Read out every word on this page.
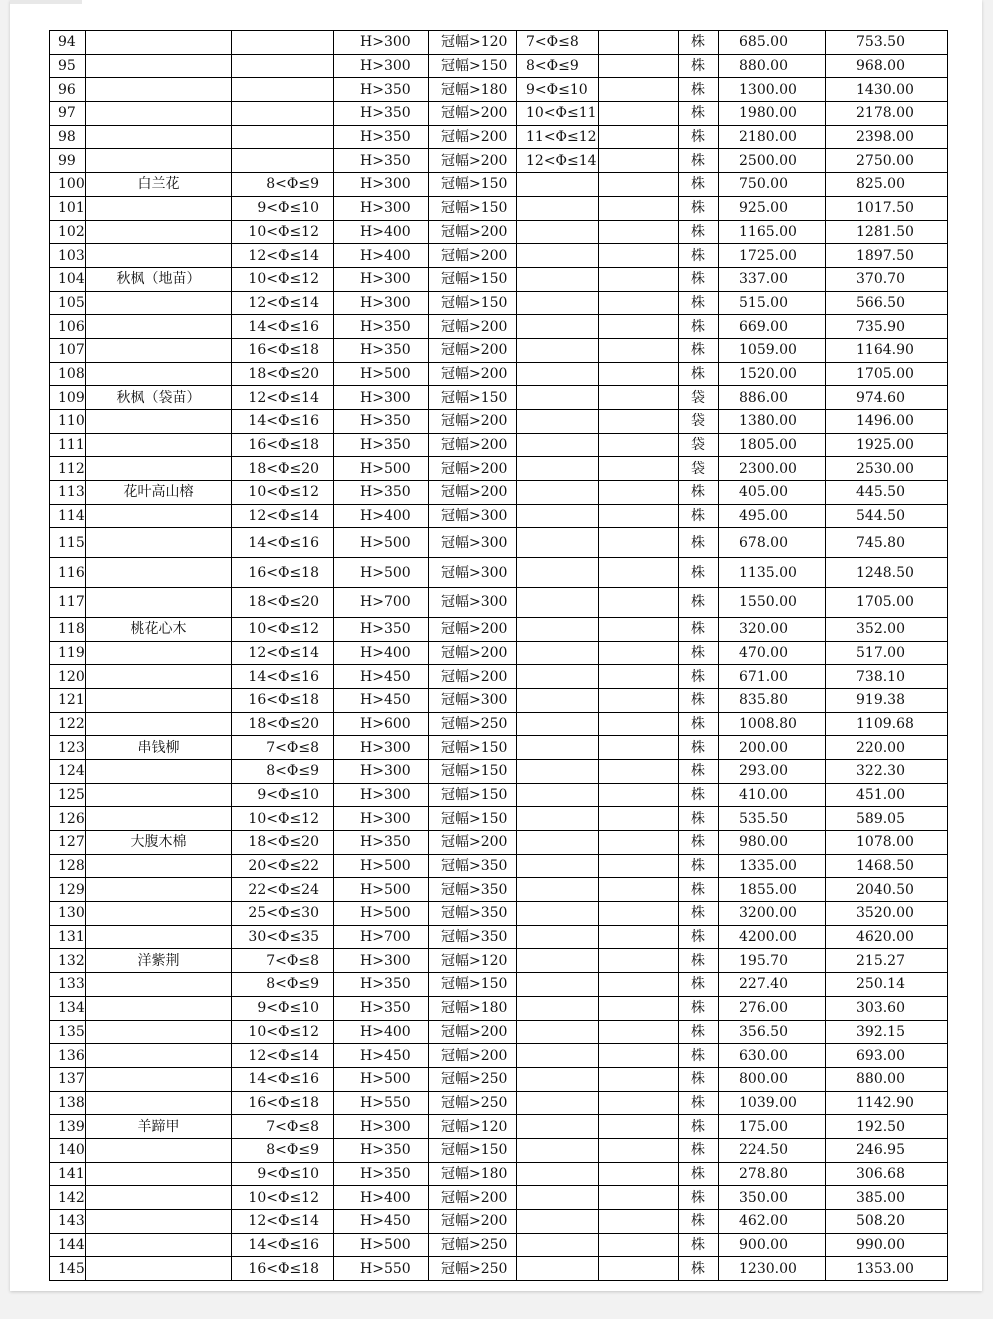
94			H>300	冠幅>120	7<Φ≤8		株	685.00	753.50
95			H>300	冠幅>150	8<Φ≤9		株	880.00	968.00
96			H>350	冠幅>180	9<Φ≤10		株	1300.00	1430.00
97			H>350	冠幅>200	10<Φ≤11		株	1980.00	2178.00
98			H>350	冠幅>200	11<Φ≤12		株	2180.00	2398.00
99			H>350	冠幅>200	12<Φ≤14		株	2500.00	2750.00
100	白兰花	8<Φ≤9	H>300	冠幅>150			株	750.00	825.00
101		9<Φ≤10	H>300	冠幅>150			株	925.00	1017.50
102		10<Φ≤12	H>400	冠幅>200			株	1165.00	1281.50
103		12<Φ≤14	H>400	冠幅>200			株	1725.00	1897.50
104	秋枫（地苗）	10<Φ≤12	H>300	冠幅>150			株	337.00	370.70
105		12<Φ≤14	H>300	冠幅>150			株	515.00	566.50
106		14<Φ≤16	H>350	冠幅>200			株	669.00	735.90
107		16<Φ≤18	H>350	冠幅>200			株	1059.00	1164.90
108		18<Φ≤20	H>500	冠幅>200			株	1520.00	1705.00
109	秋枫（袋苗）	12<Φ≤14	H>300	冠幅>150			袋	886.00	974.60
110		14<Φ≤16	H>350	冠幅>200			袋	1380.00	1496.00
111		16<Φ≤18	H>350	冠幅>200			袋	1805.00	1925.00
112		18<Φ≤20	H>500	冠幅>200			袋	2300.00	2530.00
113	花叶高山榕	10<Φ≤12	H>350	冠幅>200			株	405.00	445.50
114		12<Φ≤14	H>400	冠幅>300			株	495.00	544.50
115		14<Φ≤16	H>500	冠幅>300			株	678.00	745.80
116		16<Φ≤18	H>500	冠幅>300			株	1135.00	1248.50
117		18<Φ≤20	H>700	冠幅>300			株	1550.00	1705.00
118	桃花心木	10<Φ≤12	H>350	冠幅>200			株	320.00	352.00
119		12<Φ≤14	H>400	冠幅>200			株	470.00	517.00
120		14<Φ≤16	H>450	冠幅>200			株	671.00	738.10
121		16<Φ≤18	H>450	冠幅>300			株	835.80	919.38
122		18<Φ≤20	H>600	冠幅>250			株	1008.80	1109.68
123	串钱柳	7<Φ≤8	H>300	冠幅>150			株	200.00	220.00
124		8<Φ≤9	H>300	冠幅>150			株	293.00	322.30
125		9<Φ≤10	H>300	冠幅>150			株	410.00	451.00
126		10<Φ≤12	H>300	冠幅>150			株	535.50	589.05
127	大腹木棉	18<Φ≤20	H>350	冠幅>200			株	980.00	1078.00
128		20<Φ≤22	H>500	冠幅>350			株	1335.00	1468.50
129		22<Φ≤24	H>500	冠幅>350			株	1855.00	2040.50
130		25<Φ≤30	H>500	冠幅>350			株	3200.00	3520.00
131		30<Φ≤35	H>700	冠幅>350			株	4200.00	4620.00
132	洋紫荆	7<Φ≤8	H>300	冠幅>120			株	195.70	215.27
133		8<Φ≤9	H>350	冠幅>150			株	227.40	250.14
134		9<Φ≤10	H>350	冠幅>180			株	276.00	303.60
135		10<Φ≤12	H>400	冠幅>200			株	356.50	392.15
136		12<Φ≤14	H>450	冠幅>200			株	630.00	693.00
137		14<Φ≤16	H>500	冠幅>250			株	800.00	880.00
138		16<Φ≤18	H>550	冠幅>250			株	1039.00	1142.90
139	羊蹄甲	7<Φ≤8	H>300	冠幅>120			株	175.00	192.50
140		8<Φ≤9	H>350	冠幅>150			株	224.50	246.95
141		9<Φ≤10	H>350	冠幅>180			株	278.80	306.68
142		10<Φ≤12	H>400	冠幅>200			株	350.00	385.00
143		12<Φ≤14	H>450	冠幅>200			株	462.00	508.20
144		14<Φ≤16	H>500	冠幅>250			株	900.00	990.00
145		16<Φ≤18	H>550	冠幅>250			株	1230.00	1353.00
